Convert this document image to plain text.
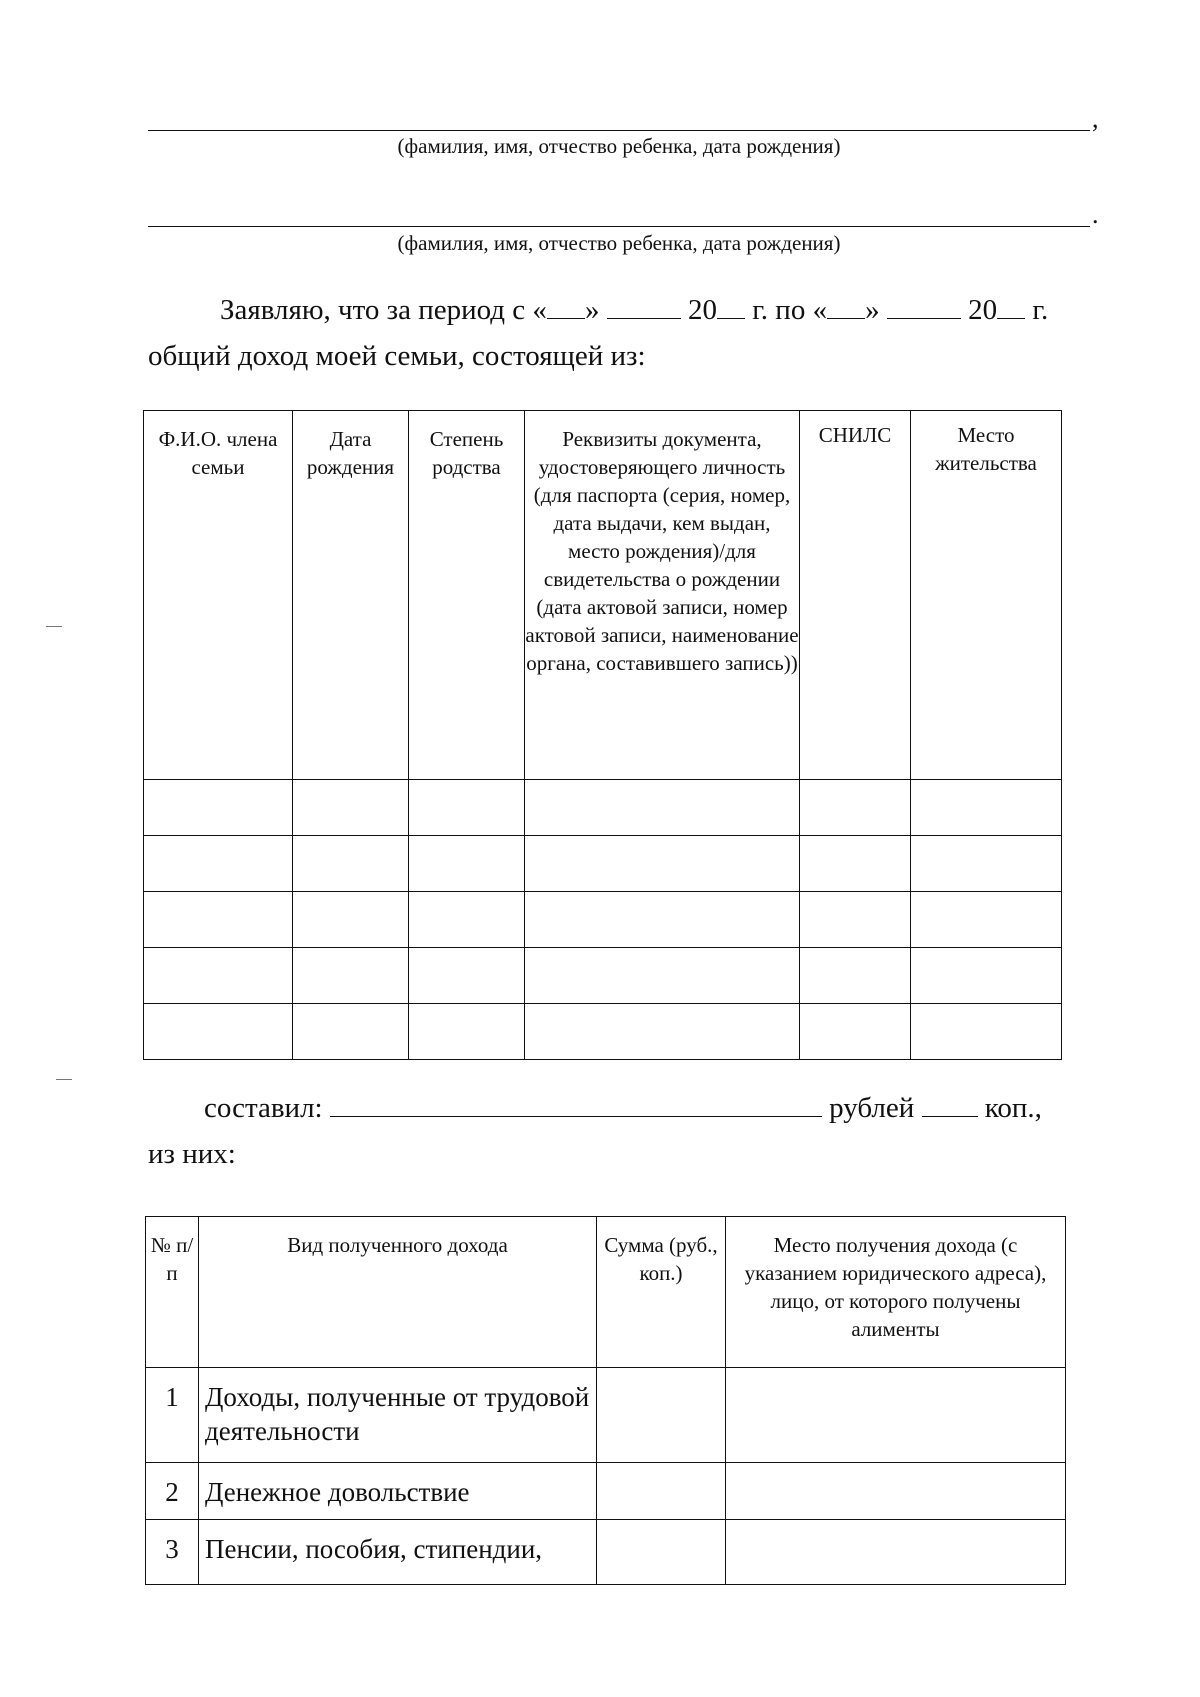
,
(фамилия, имя, отчество ребенка, дата рождения)
.
(фамилия, имя, отчество ребенка, дата рождения)
Заявляю, что за период с « »	20 г. по « »	20 г.
общий доход моей семьи, состоящей из:
Ф.И.О. члена семьи	Дата рождения	Степень родства	Реквизиты документа, удостоверяющего личность (для паспорта (серия, номер, дата выдачи, кем выдан, место рождения)/для свидетельства о рождении (дата актовой записи, номер актовой записи, наименование органа, составившего запись))	СНИЛС	Место жительства

составил:	рублей коп.,
из них:
№ п/п	Вид полученного дохода	Сумма (руб., коп.)	Место получения дохода (с указанием юридического адреса), лицо, от которого получены алименты
1	Доходы, полученные от трудовой деятельности		
2	Денежное довольствие		
3	Пенсии, пособия, стипендии,		
